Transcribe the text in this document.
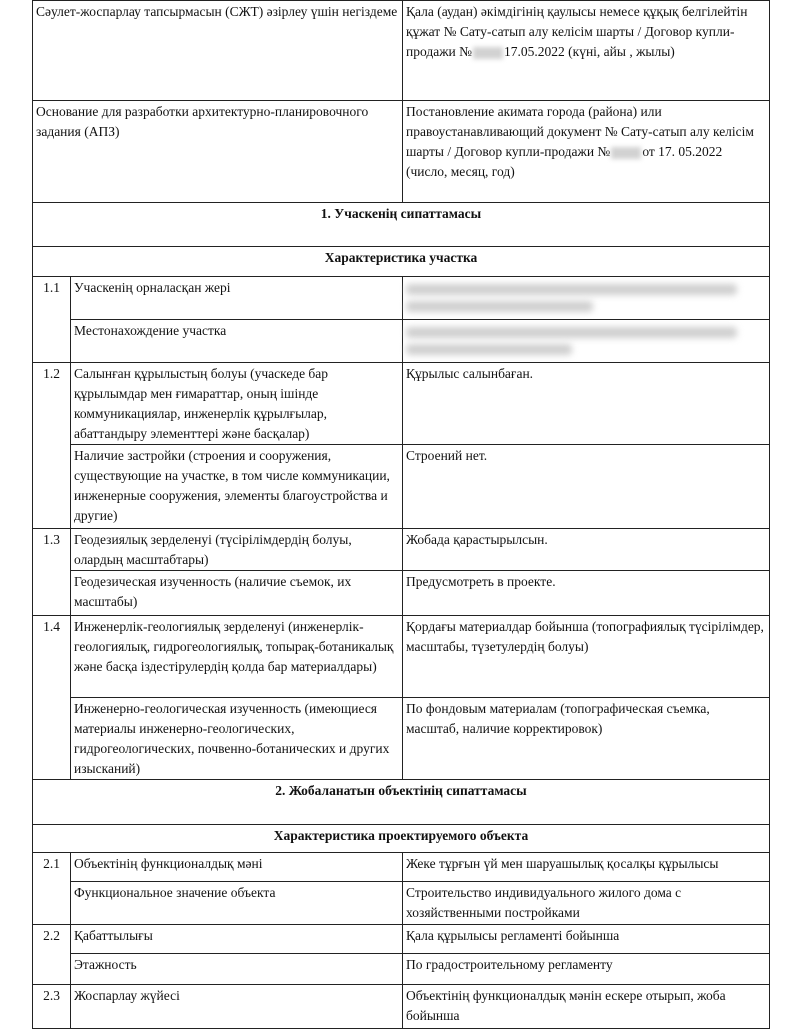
Сәулет-жоспарлау тапсырмасын (СЖТ) әзірлеу үшін негіздеме		Қала (аудан) әкімдігінің қаулысы немесе құқық белгілейтін құжат № Сату-сатып алу келісім шарты / Договор купли-продажи № 17.05.2022 (күні, айы , жылы)
Основание для разработки архитектурно-планировочного задания (АПЗ)		Постановление акимата города (района) или правоустанавливающий документ № Сату-сатып алу келісім шарты / Договор купли-продажи № от 17. 05.2022 (число, месяц, год)
1. Учаскенің сипаттамасы		
Характеристика участка		
1.1	Учаскенің орналасқан жері	

	Местонахождение участка	

1.2	Салынған құрылыстың болуы (учаскеде бар құрылымдар мен ғимараттар, оның ішінде коммуникациялар, инженерлік құрылғылар, абаттандыру элементтері және басқалар)	Құрылыс салынбаған.
	Наличие застройки (строения и сооружения, существующие на участке, в том числе коммуникации, инженерные сооружения, элементы благоустройства и другие)	Строений нет.
1.3	Геодезиялық зерделенуі (түсірілімдердің болуы, олардың масштабтары)	Жобада қарастырылсын.
	Геодезическая изученность (наличие съемок, их масштабы)	Предусмотреть в проекте.
1.4	Инженерлік-геологиялық зерделенуі (инженерлік-геологиялық, гидрогеологиялық, топырақ-ботаникалық және басқа іздестірулердің қолда бар материалдары)	Қордағы материалдар бойынша (топографиялық түсірілімдер, масштабы, түзетулердің болуы)
	Инженерно-геологическая изученность (имеющиеся материалы инженерно-геологических, гидрогеологических, почвенно-ботанических и других изысканий)	По фондовым материалам (топографическая съемка, масштаб, наличие корректировок)
2. Жобаланатын объектінің сипаттамасы		
Характеристика проектируемого объекта		
2.1	Объектінің функционалдық мәні	Жеке тұрғын үй мен шаруашылық қосалқы құрылысы
	Функциональное значение объекта	Строительство индивидуального жилого дома с хозяйственными постройками
2.2	Қабаттылығы	Қала құрылысы регламенті бойынша
	Этажность	По градостроительному регламенту
2.3	Жоспарлау жүйесі	Объектінің функционалдық мәнін ескере отырып, жоба бойынша
